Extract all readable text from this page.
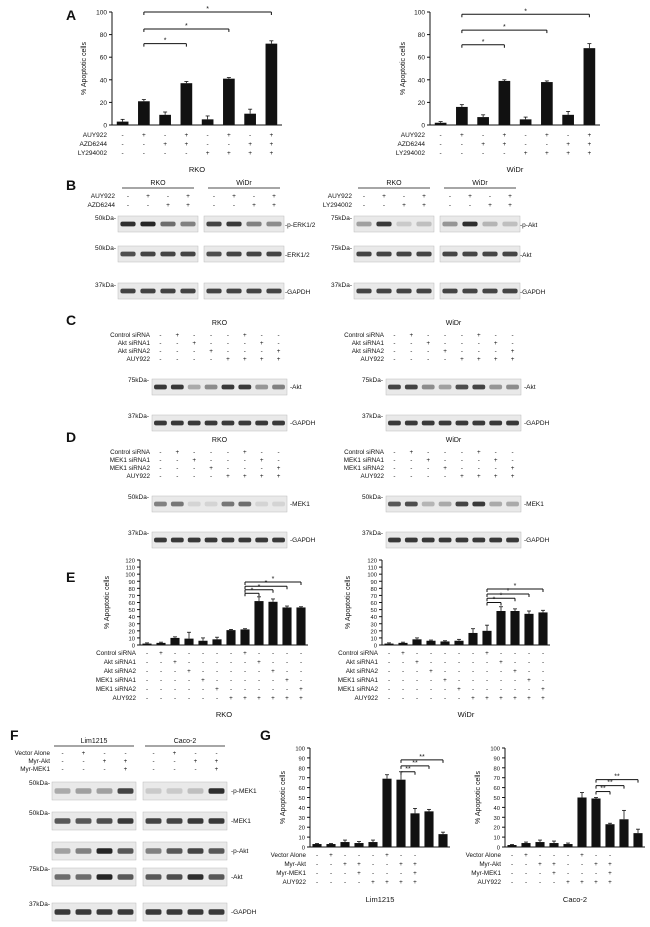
A
0
20
40
60
80
100
% Apoptotic cells
*
*
*
AUY922 -	+	-	+	-	+	-	+
AZD6244 -	-	+	+	-	-	+	+
LY294002 -	-	-	-	+	+	+	+
RKO
0
20
40
60
80
100
% Apoptotic cells	*
*
*
AUY922 -	+	-	+	-	+	-	+
AZD6244 -	-	+	+	-	-	+	+
LY294002 -	-	-	-	+	+	+	+
WiDr
B	RKO
-	+	-	+
-	-	+ +
WiDr
-	+	-	+
-	-	+ +
AUY922
AZD6244
50kDa-
-p-ERK1/2
50kDa-
-ERK1/2
37kDa-
-GAPDH
RKO
-	+	-	+
-	-	+ +
WiDr
-	+	-	+
-	-	+ +
AUY922
LY294002
75kDa-
-p-Akt
75kDa-
-Akt
37kDa-
-GAPDH
C	RKO
Control siRNA - + - - - + - -
Akt siRNA1 - - + - - - + -
Akt siRNA2 - - - + - - - +
AUY922 - - - - + + + +
75kDa-
-Akt
37kDa-
-GAPDH
WiDr
Control siRNA - + - - - + - -
Akt siRNA1 - - + - - - + -
Akt siRNA2 - - - + - - - +
AUY922 - - - - + + + +
75kDa-
-Akt
37kDa-
-GAPDH
D	RKO
Control siRNA - + - - - + - -
MEK1 siRNA1 - - + - - - + -
MEK1 siRNA2 - - - + - - - +
AUY922 - - - - + + + +
50kDa-
-MEK1
37kDa-
-GAPDH
WiDr
Control siRNA - + - - - + - -
MEK1 siRNA1 - - + - - - + -
MEK1 siRNA2 - - - + - - - +
AUY922 - - - - + + + +
50kDa-
-MEK1
37kDa-
-GAPDH
E
0
10
20
30
40
50
60
70
80
90
100
110
120
% Apoptotic cells	*
*
*
*
Control siRNA - + - - - - - + - - - -
Akt siRNA1 - - + - - - - - + - - -
Akt siRNA2 - - - + - - - - - + - -
MEK1 siRNA1 - - - - + - - - - - + -
MEK1 siRNA2 - - - - - + - - - - - +
AUY922 - - - - - - + + + + + +
RKO
0
10
20
30
40
50
60
70
80
90
100
110
120
% Apoptotic cells	*
*
*
*
Control siRNA - + - - - - - + - - - -
Akt siRNA1 - - + - - - - - + - - -
Akt siRNA2 - - - + - - - - - + - -
MEK1 siRNA1 - - - - + - - - - - + -
MEK1 siRNA2 - - - - - + - - - - - +
AUY922 - - - - - - + + + + + +
WiDr
F	Lim1215
-	+	-	-
-	-	+	+
-	-	-	+
Caco-2
-	+	-	-
-	-	+	+
-	-	-	+
Vector Alone
Myr-Akt
Myr-MEK1
50kDa-
-p-MEK1
50kDa-
-MEK1
-p-Akt
75kDa-
-Akt
37kDa-
-GAPDH
G
0
10
20
30
40
50
60
70
80
90
100
% Apoptotic cells
**
**
**
Vector Alone - + - - - + - -
Myr-Akt - - + + - - + +
Myr-MEK1 - - - + - - - +
AUY922 - - - - + + + +
Lim1215
0
10
20
30
40
50
60
70
80
90
100
% Apoptotic cells	**
**
**
Vector Alone - + - - - + - -
Myr-Akt - - + + - - + +
Myr-MEK1 - - - + - - - +
AUY922 - - - - + + + +
Caco-2
